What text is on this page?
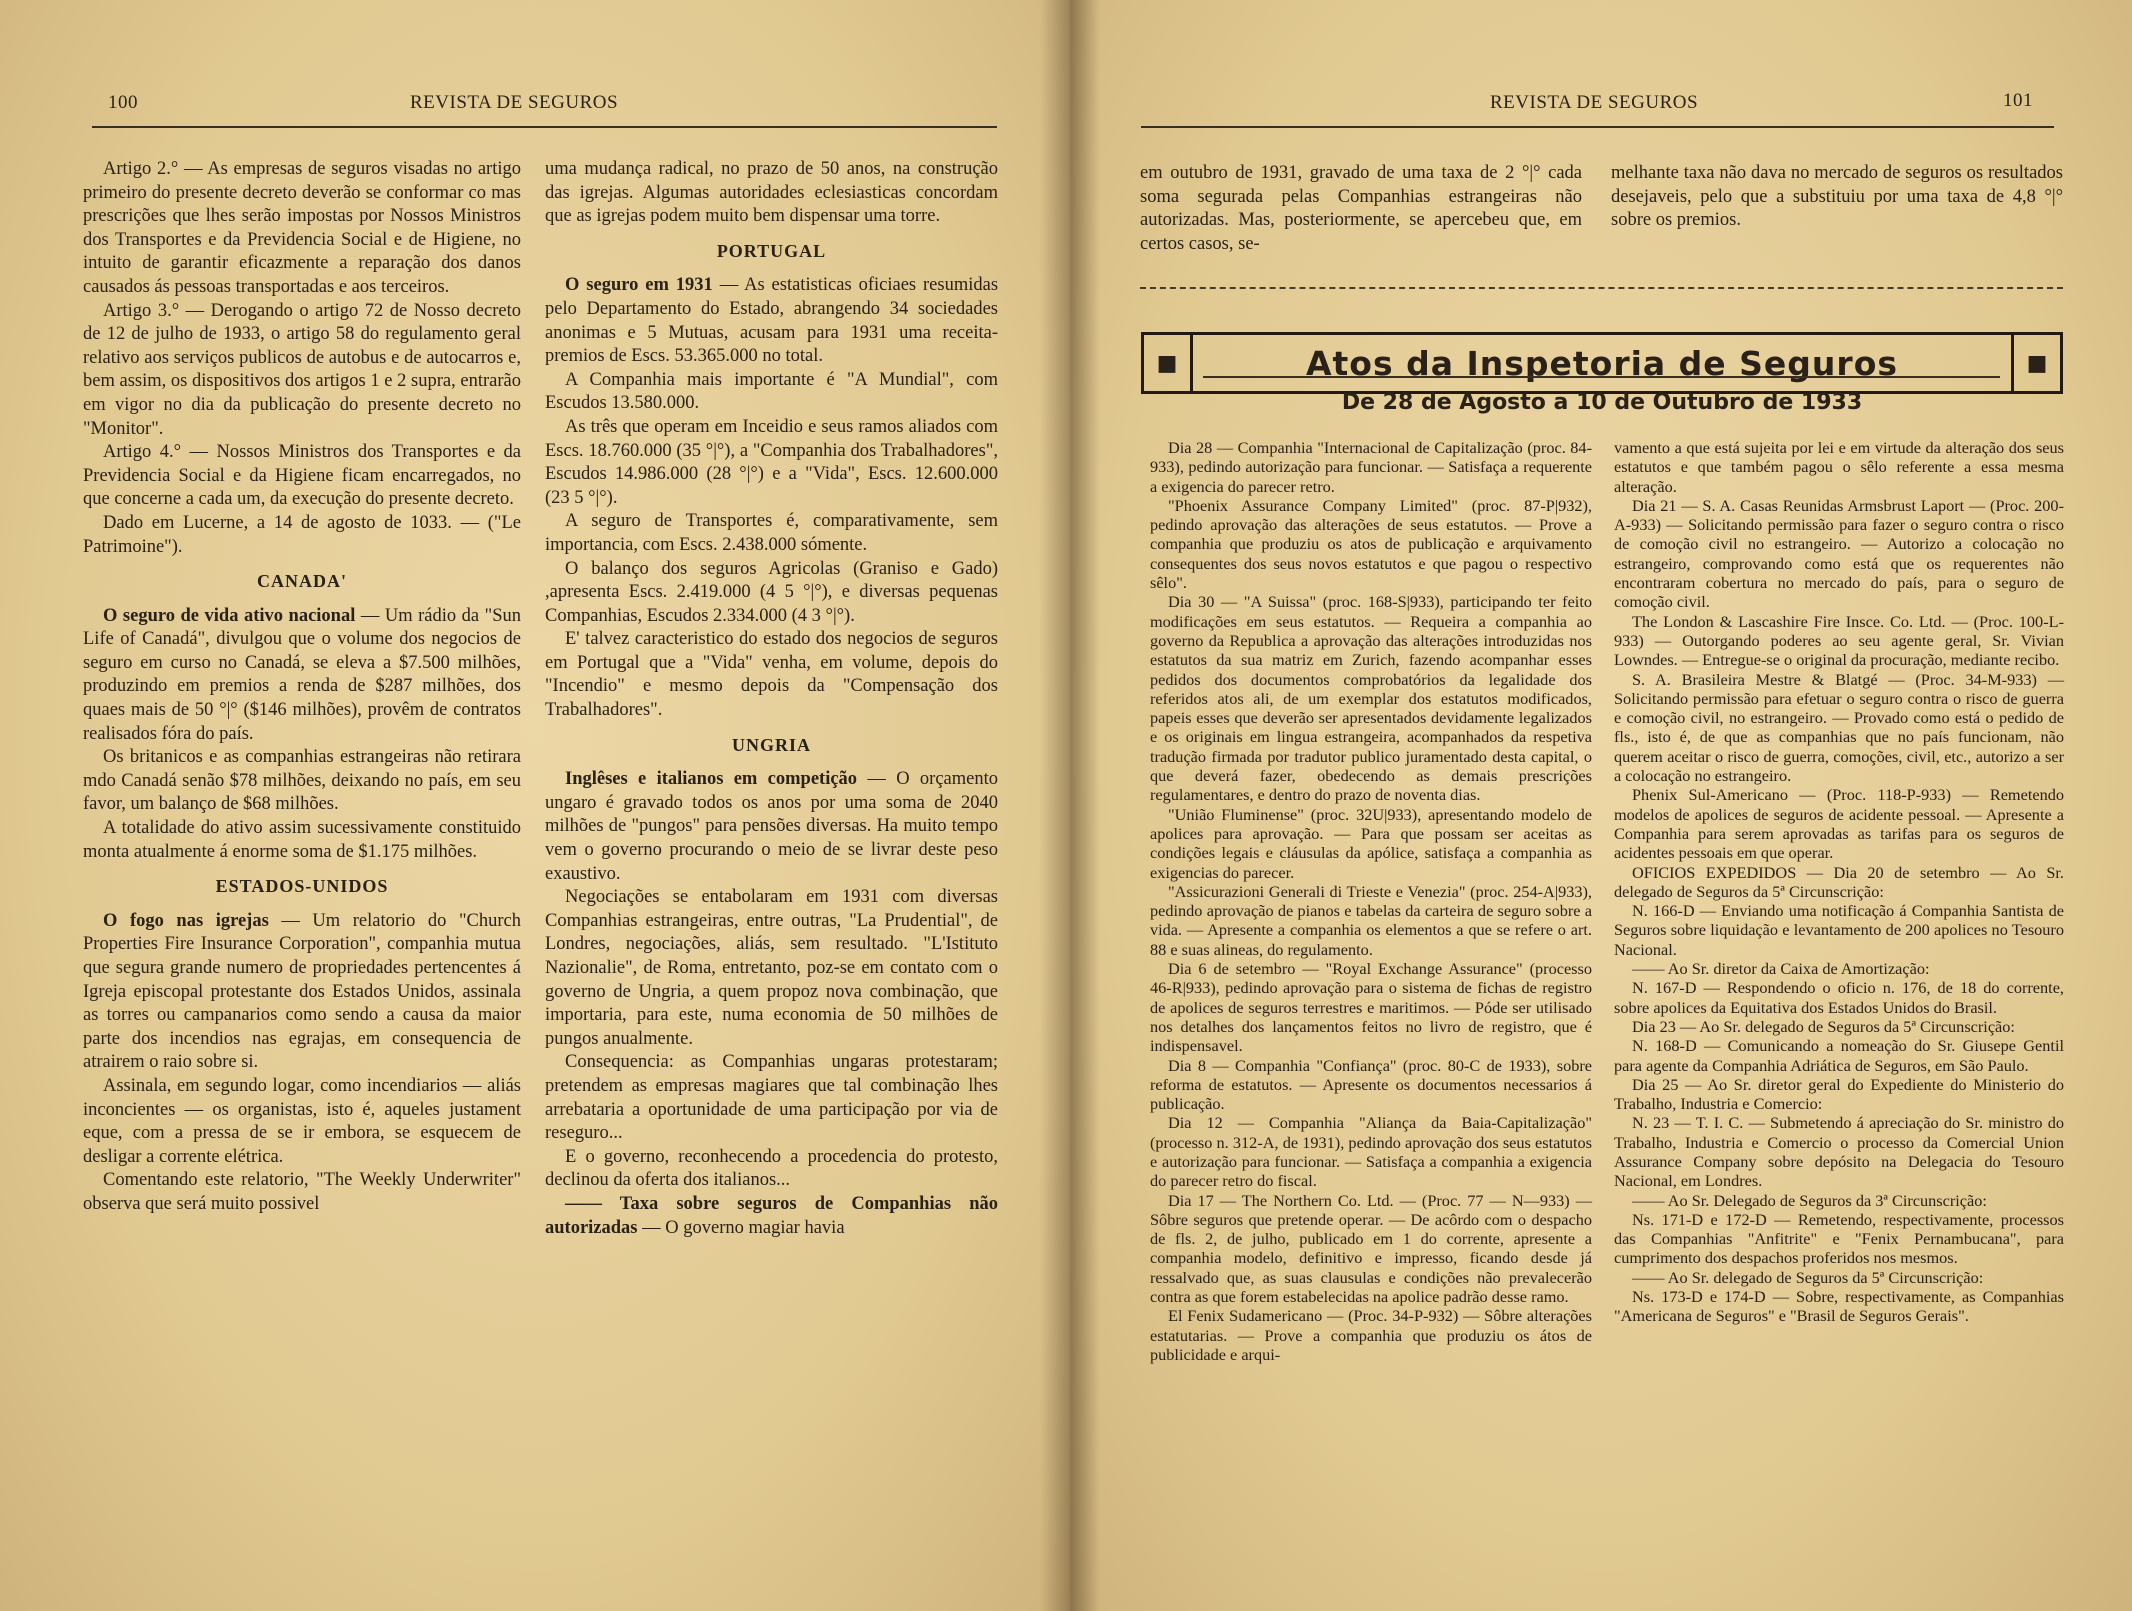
100	REVISTA DE SEGUROS

Artigo 2.° — As empresas de seguros visadas no artigo primeiro do presente decreto deverão se conformar co mas prescrições que lhes serão impostas por Nossos Ministros dos Transportes e da Previdencia Social e de Higiene, no intuito de garantir eficazmente a reparação dos danos causados ás pessoas transportadas e aos terceiros.

Artigo 3.° — Derogando o artigo 72 de Nosso decreto de 12 de julho de 1933, o artigo 58 do regulamento geral relativo aos serviços publicos de autobus e de autocarros e, bem assim, os dispositivos dos artigos 1 e 2 supra, entrarão em vigor no dia da publicação do presente decreto no "Monitor".

Artigo 4.° — Nossos Ministros dos Transportes e da Previdencia Social e da Higiene ficam encarregados, no que concerne a cada um, da execução do presente decreto.

Dado em Lucerne, a 14 de agosto de 1033. — ("Le Patrimoine").

CANADA'

O seguro de vida ativo nacional — Um rádio da "Sun Life of Canadá", divulgou que o volume dos negocios de seguro em curso no Canadá, se eleva a $7.500 milhões, produzindo em premios a renda de $287 milhões, dos quaes mais de 50 °|° ($146 milhões), provêm de contratos realisados fóra do país.

Os britanicos e as companhias estrangeiras não retirara mdo Canadá senão $78 milhões, deixando no país, em seu favor, um balanço de $68 milhões.

A totalidade do ativo assim sucessivamente constituido monta atualmente á enorme soma de $1.175 milhões.

ESTADOS-UNIDOS

O fogo nas igrejas — Um relatorio do "Church Properties Fire Insurance Corporation", companhia mutua que segura grande numero de propriedades pertencentes á Igreja episcopal protestante dos Estados Unidos, assinala as torres ou campanarios como sendo a causa da maior parte dos incendios nas egrajas, em consequencia de atrairem o raio sobre si.

Assinala, em segundo logar, como incendiarios — aliás inconcientes — os organistas, isto é, aqueles justament eque, com a pressa de se ir embora, se esquecem de desligar a corrente elétrica.

Comentando este relatorio, "The Weekly Underwriter" observa que será muito possivel

uma mudança radical, no prazo de 50 anos, na construção das igrejas. Algumas autoridades eclesiasticas concordam que as igrejas podem muito bem dispensar uma torre.

PORTUGAL

O seguro em 1931 — As estatisticas oficiaes resumidas pelo Departamento do Estado, abrangendo 34 sociedades anonimas e 5 Mutuas, acusam para 1931 uma receita-premios de Escs. 53.365.000 no total.

A Companhia mais importante é "A Mundial", com Escudos 13.580.000.

As três que operam em Inceidio e seus ramos aliados com Escs. 18.760.000 (35 °|°), a "Companhia dos Trabalhadores", Escudos 14.986.000 (28 °|°) e a "Vida", Escs. 12.600.000 (23 5 °|°).

A seguro de Transportes é, comparativamente, sem importancia, com Escs. 2.438.000 sómente.

O balanço dos seguros Agricolas (Graniso e Gado) ,apresenta Escs. 2.419.000 (4 5 °|°), e diversas pequenas Companhias, Escudos 2.334.000 (4 3 °|°).

E' talvez caracteristico do estado dos negocios de seguros em Portugal que a "Vida" venha, em volume, depois do "Incendio" e mesmo depois da "Compensação dos Trabalhadores".

UNGRIA

Inglêses e italianos em competição — O orçamento ungaro é gravado todos os anos por uma soma de 2040 milhões de "pungos" para pensões diversas. Ha muito tempo vem o governo procurando o meio de se livrar deste peso exaustivo.

Negociações se entabolaram em 1931 com diversas Companhias estrangeiras, entre outras, "La Prudential", de Londres, negociações, aliás, sem resultado. "L'Istituto Nazionalie", de Roma, entretanto, poz-se em contato com o governo de Ungria, a quem propoz nova combinação, que importaria, para este, numa economia de 50 milhões de pungos anualmente.

Consequencia: as Companhias ungaras protestaram; pretendem as empresas magiares que tal combinação lhes arrebataria a oportunidade de uma participação por via de reseguro...

E o governo, reconhecendo a procedencia do protesto, declinou da oferta dos italianos...

—— Taxa sobre seguros de Companhias não autorizadas — O governo magiar havia

REVISTA DE SEGUROS	101

em outubro de 1931, gravado de uma taxa de 2 °|° cada soma segurada pelas Companhias estrangeiras não autorizadas. Mas, posteriormente, se apercebeu que, em certos casos, se-

melhante taxa não dava no mercado de seguros os resultados desejaveis, pelo que a substituiu por uma taxa de 4,8 °|° sobre os premios.

■	Atos da Inspetoria de Seguros	■
De 28 de Agosto a 10 de Outubro de 1933

Dia 28 — Companhia "Internacional de Capitalização (proc. 84-933), pedindo autorização para funcionar. — Satisfaça a requerente a exigencia do parecer retro.

"Phoenix Assurance Company Limited" (proc. 87-P|932), pedindo aprovação das alterações de seus estatutos. — Prove a companhia que produziu os atos de publicação e arquivamento consequentes dos seus novos estatutos e que pagou o respectivo sêlo".

Dia 30 — "A Suissa" (proc. 168-S|933), participando ter feito modificações em seus estatutos. — Requeira a companhia ao governo da Republica a aprovação das alterações introduzidas nos estatutos da sua matriz em Zurich, fazendo acompanhar esses pedidos dos documentos comprobatórios da legalidade dos referidos atos ali, de um exemplar dos estatutos modificados, papeis esses que deverão ser apresentados devidamente legalizados e os originais em lingua estrangeira, acompanhados da respetiva tradução firmada por tradutor publico juramentado desta capital, o que deverá fazer, obedecendo as demais prescrições regulamentares, e dentro do prazo de noventa dias.

"União Fluminense" (proc. 32U|933), apresentando modelo de apolices para aprovação. — Para que possam ser aceitas as condições legais e cláusulas da apólice, satisfaça a companhia as exigencias do parecer.

"Assicurazioni Generali di Trieste e Venezia" (proc. 254-A|933), pedindo aprovação de pianos e tabelas da carteira de seguro sobre a vida. — Apresente a companhia os elementos a que se refere o art. 88 e suas alineas, do regulamento.

Dia 6 de setembro — "Royal Exchange Assurance" (processo 46-R|933), pedindo aprovação para o sistema de fichas de registro de apolices de seguros terrestres e maritimos. — Póde ser utilisado nos detalhes dos lançamentos feitos no livro de registro, que é indispensavel.

Dia 8 — Companhia "Confiança" (proc. 80-C de 1933), sobre reforma de estatutos. — Apresente os documentos necessarios á publicação.

Dia 12 — Companhia "Aliança da Baia-Capitalização" (processo n. 312-A, de 1931), pedindo aprovação dos seus estatutos e autorização para funcionar. — Satisfaça a companhia a exigencia do parecer retro do fiscal.

Dia 17 — The Northern Co. Ltd. — (Proc. 77 — N—933) — Sôbre seguros que pretende operar. — De acôrdo com o despacho de fls. 2, de julho, publicado em 1 do corrente, apresente a companhia modelo, definitivo e impresso, ficando desde já ressalvado que, as suas clausulas e condições não prevalecerão contra as que forem estabelecidas na apolice padrão desse ramo.

El Fenix Sudamericano — (Proc. 34-P-932) — Sôbre alterações estatutarias. — Prove a companhia que produziu os átos de publicidade e arqui-

vamento a que está sujeita por lei e em virtude da alteração dos seus estatutos e que também pagou o sêlo referente a essa mesma alteração.

Dia 21 — S. A. Casas Reunidas Armsbrust Laport — (Proc. 200-A-933) — Solicitando permissão para fazer o seguro contra o risco de comoção civil no estrangeiro. — Autorizo a colocação no estrangeiro, comprovando como está que os requerentes não encontraram cobertura no mercado do país, para o seguro de comoção civil.

The London & Lascashire Fire Insce. Co. Ltd. — (Proc. 100-L-933) — Outorgando poderes ao seu agente geral, Sr. Vivian Lowndes. — Entregue-se o original da procuração, mediante recibo.

S. A. Brasileira Mestre & Blatgé — (Proc. 34-M-933) — Solicitando permissão para efetuar o seguro contra o risco de guerra e comoção civil, no estrangeiro. — Provado como está o pedido de fls., isto é, de que as companhias que no país funcionam, não querem aceitar o risco de guerra, comoções, civil, etc., autorizo a ser a colocação no estrangeiro.

Phenix Sul-Americano — (Proc. 118-P-933) — Remetendo modelos de apolices de seguros de acidente pessoal. — Apresente a Companhia para serem aprovadas as tarifas para os seguros de acidentes pessoais em que operar.

OFICIOS EXPEDIDOS — Dia 20 de setembro — Ao Sr. delegado de Seguros da 5ª Circunscrição:

N. 166-D — Enviando uma notificação á Companhia Santista de Seguros sobre liquidação e levantamento de 200 apolices no Tesouro Nacional.

—— Ao Sr. diretor da Caixa de Amortização:

N. 167-D — Respondendo o oficio n. 176, de 18 do corrente, sobre apolices da Equitativa dos Estados Unidos do Brasil.

Dia 23 — Ao Sr. delegado de Seguros da 5ª Circunscrição:

N. 168-D — Comunicando a nomeação do Sr. Giusepe Gentil para agente da Companhia Adriática de Seguros, em São Paulo.

Dia 25 — Ao Sr. diretor geral do Expediente do Ministerio do Trabalho, Industria e Comercio:

N. 23 — T. I. C. — Submetendo á apreciação do Sr. ministro do Trabalho, Industria e Comercio o processo da Comercial Union Assurance Company sobre depósito na Delegacia do Tesouro Nacional, em Londres.

—— Ao Sr. Delegado de Seguros da 3ª Circunscrição:

Ns. 171-D e 172-D — Remetendo, respectivamente, processos das Companhias "Anfitrite" e "Fenix Pernambucana", para cumprimento dos despachos proferidos nos mesmos.

—— Ao Sr. delegado de Seguros da 5ª Circunscrição:

Ns. 173-D e 174-D — Sobre, respectivamente, as Companhias "Americana de Seguros" e "Brasil de Seguros Gerais".
